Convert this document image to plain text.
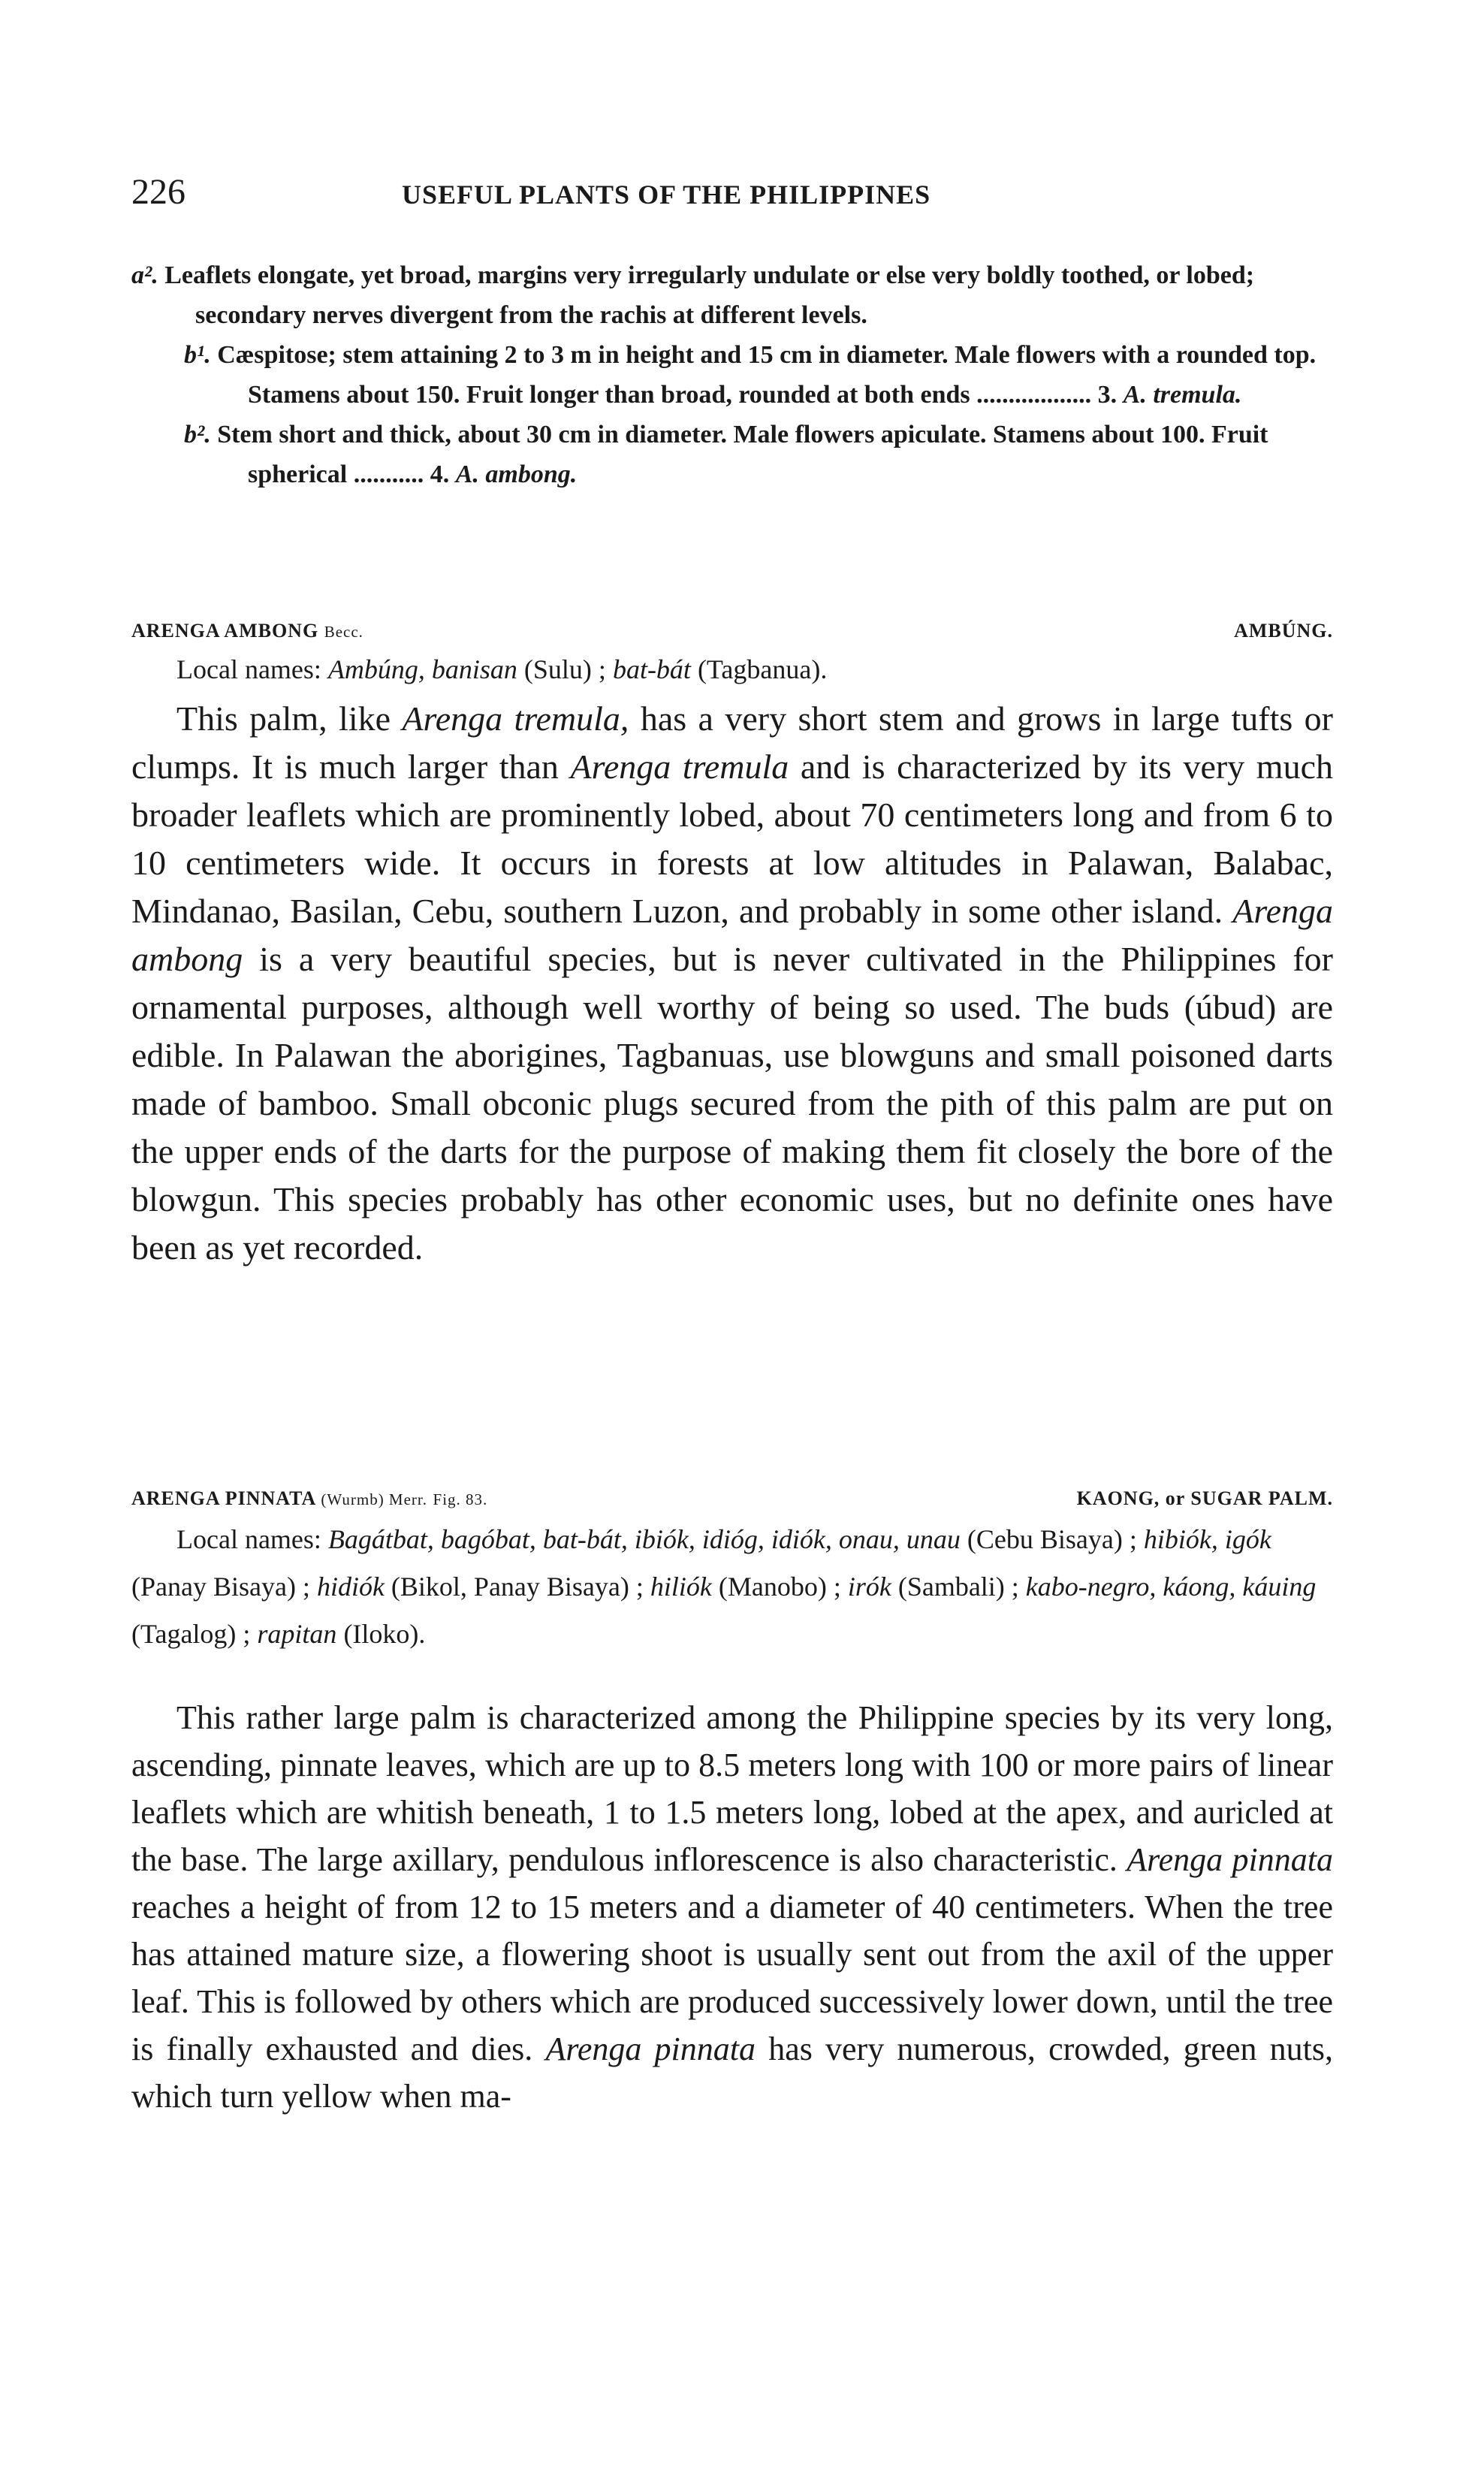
226	USEFUL PLANTS OF THE PHILIPPINES
a². Leaflets elongate, yet broad, margins very irregularly undulate or else very boldly toothed, or lobed; secondary nerves divergent from the rachis at different levels.
b¹. Cæspitose; stem attaining 2 to 3 m in height and 15 cm in diameter. Male flowers with a rounded top. Stamens about 150. Fruit longer than broad, rounded at both ends .................. 3. A. tremula.
b². Stem short and thick, about 30 cm in diameter. Male flowers apiculate. Stamens about 100. Fruit spherical ........... 4. A. ambong.
ARENGA AMBONG Becc.	AMBÚNG.
Local names: Ambúng, banisan (Sulu) ; bat-bát (Tagbanua).
This palm, like Arenga tremula, has a very short stem and grows in large tufts or clumps. It is much larger than Arenga tremula and is characterized by its very much broader leaflets which are prominently lobed, about 70 centimeters long and from 6 to 10 centimeters wide. It occurs in forests at low altitudes in Palawan, Balabac, Mindanao, Basilan, Cebu, southern Luzon, and probably in some other island. Arenga ambong is a very beautiful species, but is never cultivated in the Philippines for ornamental purposes, although well worthy of being so used. The buds (úbud) are edible. In Palawan the aborigines, Tagbanuas, use blowguns and small poisoned darts made of bamboo. Small obconic plugs secured from the pith of this palm are put on the upper ends of the darts for the purpose of making them fit closely the bore of the blowgun. This species probably has other economic uses, but no definite ones have been as yet recorded.
ARENGA PINNATA (Wurmb) Merr. Fig. 83.	KAONG, or SUGAR PALM.
Local names: Bagátbat, bagóbat, bat-bát, ibiók, idióg, idiók, onau, unau (Cebu Bisaya) ; hibiók, igók (Panay Bisaya) ; hidiók (Bikol, Panay Bisaya) ; hiliók (Manobo) ; irók (Sambali) ; kabo-negro, káong, káuing (Tagalog) ; rapitan (Iloko).
This rather large palm is characterized among the Philippine species by its very long, ascending, pinnate leaves, which are up to 8.5 meters long with 100 or more pairs of linear leaflets which are whitish beneath, 1 to 1.5 meters long, lobed at the apex, and auricled at the base. The large axillary, pendulous inflorescence is also characteristic. Arenga pinnata reaches a height of from 12 to 15 meters and a diameter of 40 centimeters. When the tree has attained mature size, a flowering shoot is usually sent out from the axil of the upper leaf. This is followed by others which are produced successively lower down, until the tree is finally exhausted and dies. Arenga pinnata has very numerous, crowded, green nuts, which turn yellow when ma-
